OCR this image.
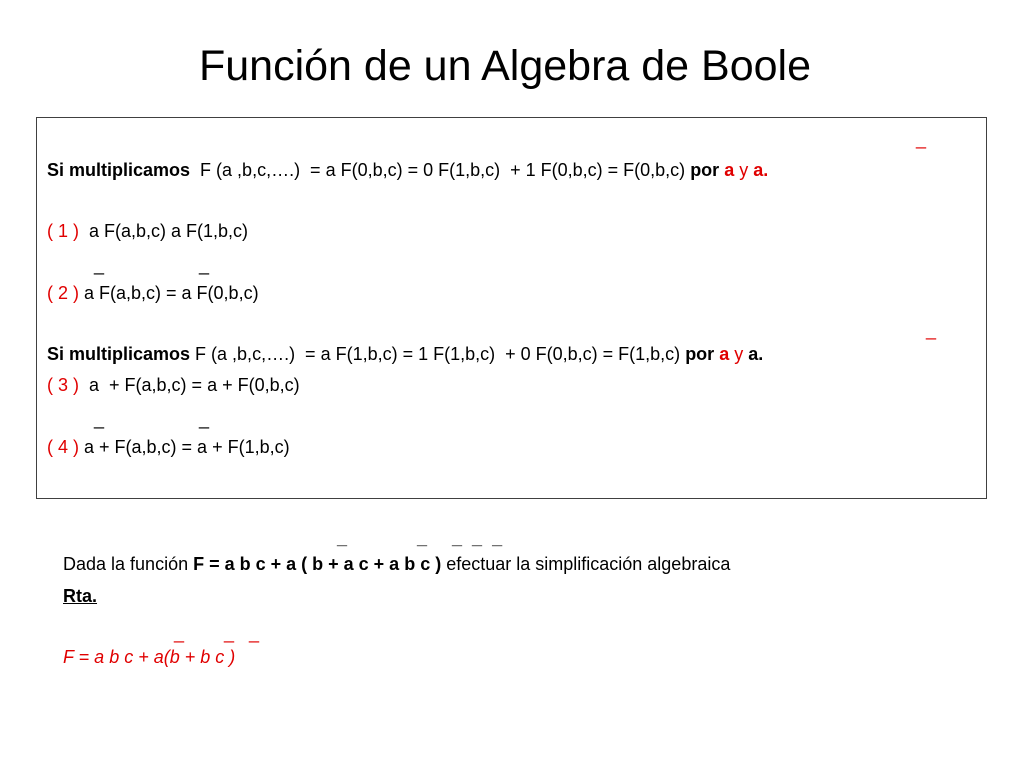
Función de un Algebra de Boole
_
Si multiplicamos  F (a ,b,c,….)  = a F(0,b,c) = 0 F(1,b,c)  + 1 F(0,b,c) = F(0,b,c) por a y a.
( 1 )  a F(a,b,c) a F(1,b,c)
_                   _
( 2 ) a F(a,b,c) = a F(0,b,c)
_
Si multiplicamos F (a ,b,c,….)  = a F(1,b,c) = 1 F(1,b,c)  + 0 F(0,b,c) = F(1,b,c) por a y a.
( 3 )  a  + F(a,b,c) = a + F(0,b,c)
_                   _
( 4 ) a + F(a,b,c) = a + F(1,b,c)
_              _     _  _  _
Dada la función F = a b c + a ( b + a c + a b c ) efectuar la simplificación algebraica
Rta.
_        _   _
F = a b c + a(b + b c )
